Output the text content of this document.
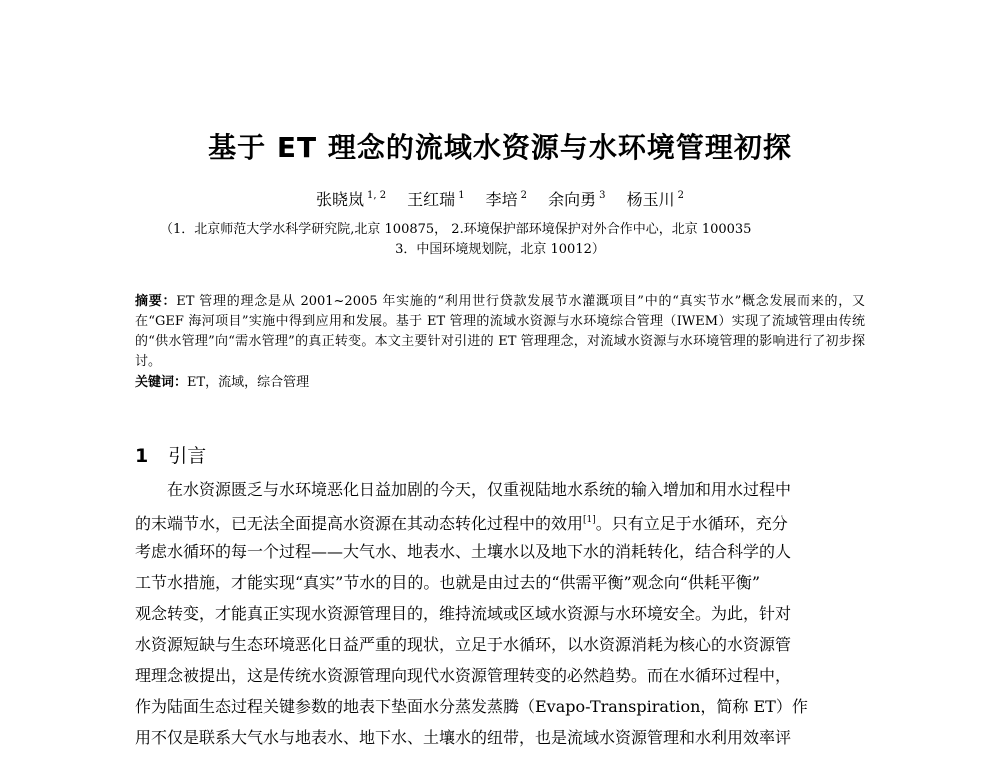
基于 ET 理念的流域水资源与水环境管理初探
张晓岚 $^{1, 2}$ 王红瑞 $^1$ 李培 $^2$ 余向勇 $^3$ 杨玉川 $^2$
（1．北京师范大学水科学研究院,北京 100875， 2.环境保护部环境保护对外合作中心，北京 100035
3．中国环境规划院，北京 10012）
摘要：ET 管理的理念是从 2001~2005 年实施的“利用世行贷款发展节水灌溉项目”中的“真实节水”概念发展而来的，又在“GEF 海河项目”实施中得到应用和发展。基于 ET 管理的流域水资源与水环境综合管理（IWEM）实现了流域管理由传统的“供水管理”向“需水管理”的真正转变。本文主要针对引进的 ET 管理理念，对流域水资源与水环境管理的影响进行了初步探讨。
关键词：ET，流域，综合管理
1 引言
在水资源匮乏与水环境恶化日益加剧的今天，仅重视陆地水系统的输入增加和用水过程中
的末端节水，已无法全面提高水资源在其动态转化过程中的效用[1]。只有立足于水循环，充分
考虑水循环的每一个过程——大气水、地表水、土壤水以及地下水的消耗转化，结合科学的人
工节水措施，才能实现“真实”节水的目的。也就是由过去的“供需平衡”观念向“供耗平衡”
观念转变，才能真正实现水资源管理目的，维持流域或区域水资源与水环境安全。为此，针对
水资源短缺与生态环境恶化日益严重的现状，立足于水循环，以水资源消耗为核心的水资源管
理理念被提出，这是传统水资源管理向现代水资源管理转变的必然趋势。而在水循环过程中，
作为陆面生态过程关键参数的地表下垫面水分蒸发蒸腾（Evapo-Transpiration，简称 ET）作
用不仅是联系大气水与地表水、地下水、土壤水的纽带，也是流域水资源管理和水利用效率评
